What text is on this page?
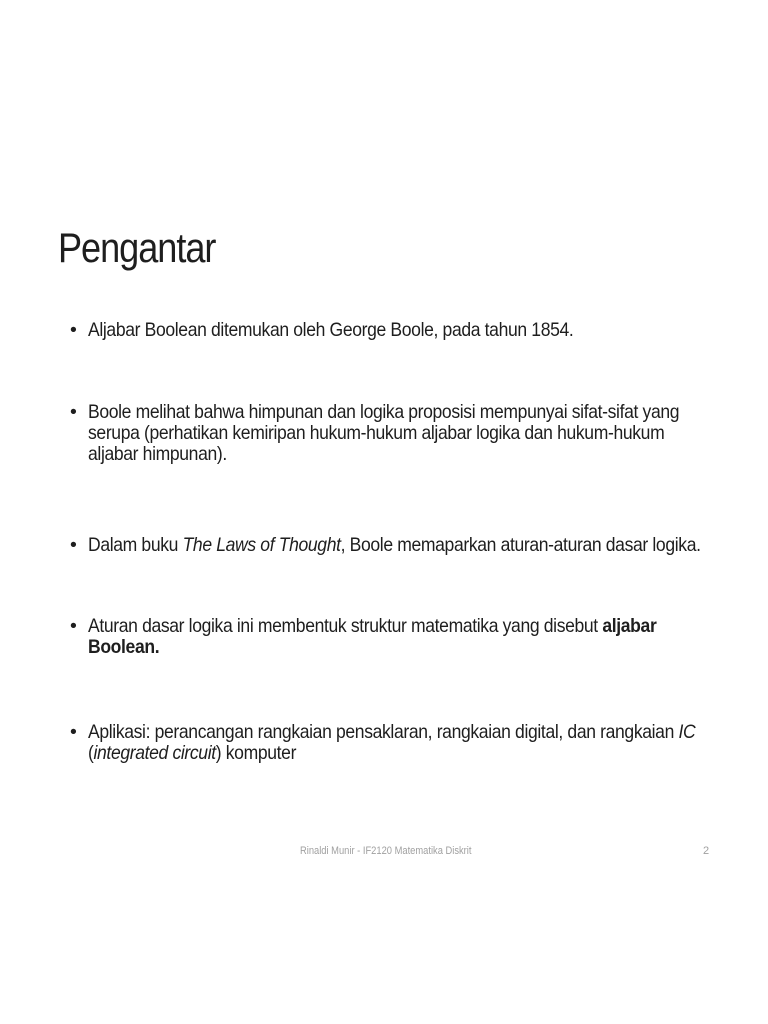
Pengantar
• Aljabar Boolean ditemukan oleh George Boole, pada tahun 1854.
• Boole melihat bahwa himpunan dan logika proposisi mempunyai sifat-sifat yang serupa (perhatikan kemiripan hukum-hukum aljabar logika dan hukum-hukum aljabar himpunan).
• Dalam buku The Laws of Thought, Boole memaparkan aturan-aturan dasar logika.
• Aturan dasar logika ini membentuk struktur matematika yang disebut aljabar Boolean.
• Aplikasi: perancangan rangkaian pensaklaran, rangkaian digital, dan rangkaian IC (integrated circuit) komputer
Rinaldi Munir - IF2120 Matematika Diskrit	2
